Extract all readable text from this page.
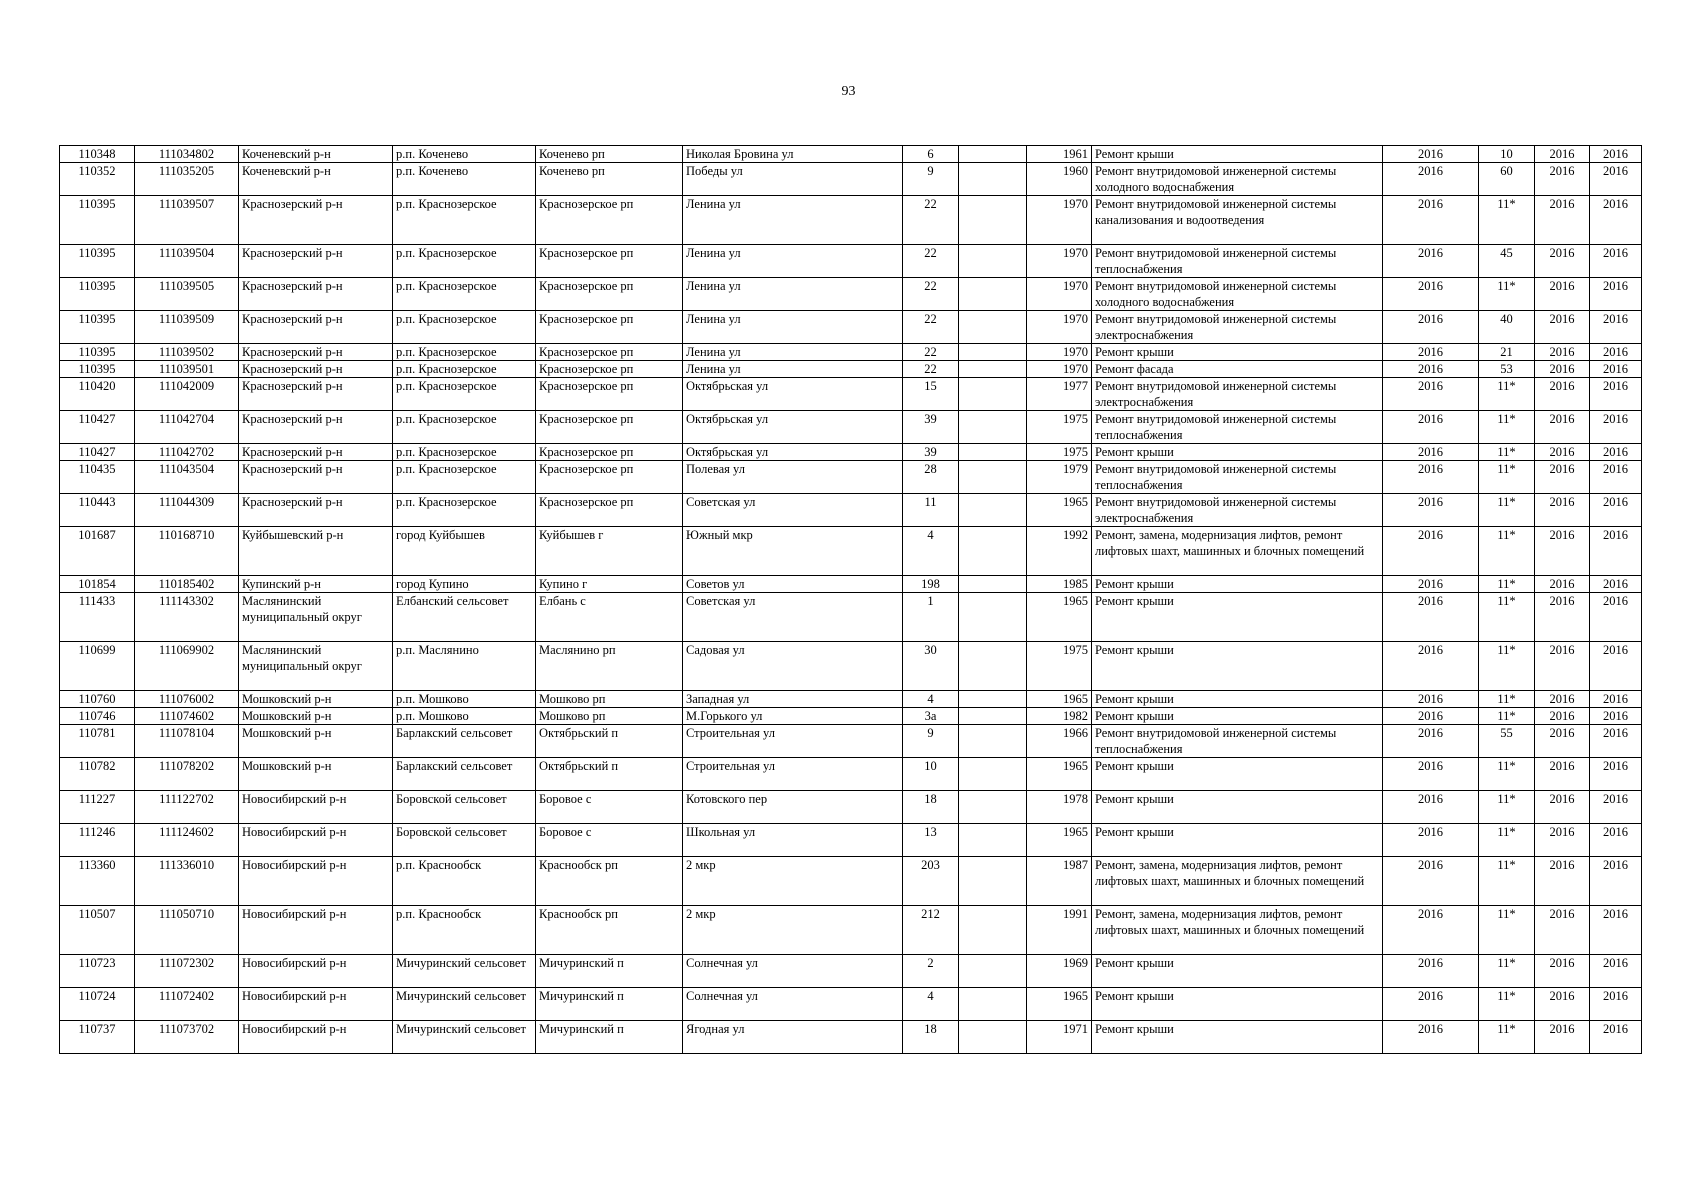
93
110348	111034802	Коченевский р-н	р.п. Коченево	Коченево рп	Николая Бровина ул	6		1961	Ремонт крыши	2016	10	2016	2016
110352	111035205	Коченевский р-н	р.п. Коченево	Коченево рп	Победы ул	9		1960	Ремонт внутридомовой инженерной системы холодного водоснабжения	2016	60	2016	2016
110395	111039507	Краснозерский р-н	р.п. Краснозерское	Краснозерское рп	Ленина ул	22		1970	Ремонт внутридомовой инженерной системы канализования и водоотведения	2016	11*	2016	2016
110395	111039504	Краснозерский р-н	р.п. Краснозерское	Краснозерское рп	Ленина ул	22		1970	Ремонт внутридомовой инженерной системы теплоснабжения	2016	45	2016	2016
110395	111039505	Краснозерский р-н	р.п. Краснозерское	Краснозерское рп	Ленина ул	22		1970	Ремонт внутридомовой инженерной системы холодного водоснабжения	2016	11*	2016	2016
110395	111039509	Краснозерский р-н	р.п. Краснозерское	Краснозерское рп	Ленина ул	22		1970	Ремонт внутридомовой инженерной системы электроснабжения	2016	40	2016	2016
110395	111039502	Краснозерский р-н	р.п. Краснозерское	Краснозерское рп	Ленина ул	22		1970	Ремонт крыши	2016	21	2016	2016
110395	111039501	Краснозерский р-н	р.п. Краснозерское	Краснозерское рп	Ленина ул	22		1970	Ремонт фасада	2016	53	2016	2016
110420	111042009	Краснозерский р-н	р.п. Краснозерское	Краснозерское рп	Октябрьская ул	15		1977	Ремонт внутридомовой инженерной системы электроснабжения	2016	11*	2016	2016
110427	111042704	Краснозерский р-н	р.п. Краснозерское	Краснозерское рп	Октябрьская ул	39		1975	Ремонт внутридомовой инженерной системы теплоснабжения	2016	11*	2016	2016
110427	111042702	Краснозерский р-н	р.п. Краснозерское	Краснозерское рп	Октябрьская ул	39		1975	Ремонт крыши	2016	11*	2016	2016
110435	111043504	Краснозерский р-н	р.п. Краснозерское	Краснозерское рп	Полевая ул	28		1979	Ремонт внутридомовой инженерной системы теплоснабжения	2016	11*	2016	2016
110443	111044309	Краснозерский р-н	р.п. Краснозерское	Краснозерское рп	Советская ул	11		1965	Ремонт внутридомовой инженерной системы электроснабжения	2016	11*	2016	2016
101687	110168710	Куйбышевский р-н	город Куйбышев	Куйбышев г	Южный мкр	4		1992	Ремонт, замена, модернизация лифтов, ремонт лифтовых шахт, машинных и блочных помещений	2016	11*	2016	2016
101854	110185402	Купинский р-н	город Купино	Купино г	Советов ул	198		1985	Ремонт крыши	2016	11*	2016	2016
111433	111143302	Маслянинский муниципальный округ	Елбанский сельсовет	Елбань с	Советская ул	1		1965	Ремонт крыши	2016	11*	2016	2016
110699	111069902	Маслянинский муниципальный округ	р.п. Маслянино	Маслянино рп	Садовая ул	30		1975	Ремонт крыши	2016	11*	2016	2016
110760	111076002	Мошковский р-н	р.п. Мошково	Мошково рп	Западная ул	4		1965	Ремонт крыши	2016	11*	2016	2016
110746	111074602	Мошковский р-н	р.п. Мошково	Мошково рп	М.Горького ул	3а		1982	Ремонт крыши	2016	11*	2016	2016
110781	111078104	Мошковский р-н	Барлакский сельсовет	Октябрьский п	Строительная ул	9		1966	Ремонт внутридомовой инженерной системы теплоснабжения	2016	55	2016	2016
110782	111078202	Мошковский р-н	Барлакский сельсовет	Октябрьский п	Строительная ул	10		1965	Ремонт крыши	2016	11*	2016	2016
111227	111122702	Новосибирский р-н	Боровской сельсовет	Боровое с	Котовского пер	18		1978	Ремонт крыши	2016	11*	2016	2016
111246	111124602	Новосибирский р-н	Боровской сельсовет	Боровое с	Школьная ул	13		1965	Ремонт крыши	2016	11*	2016	2016
113360	111336010	Новосибирский р-н	р.п. Краснообск	Краснообск рп	2 мкр	203		1987	Ремонт, замена, модернизация лифтов, ремонт лифтовых шахт, машинных и блочных помещений	2016	11*	2016	2016
110507	111050710	Новосибирский р-н	р.п. Краснообск	Краснообск рп	2 мкр	212		1991	Ремонт, замена, модернизация лифтов, ремонт лифтовых шахт, машинных и блочных помещений	2016	11*	2016	2016
110723	111072302	Новосибирский р-н	Мичуринский сельсовет	Мичуринский п	Солнечная ул	2		1969	Ремонт крыши	2016	11*	2016	2016
110724	111072402	Новосибирский р-н	Мичуринский сельсовет	Мичуринский п	Солнечная ул	4		1965	Ремонт крыши	2016	11*	2016	2016
110737	111073702	Новосибирский р-н	Мичуринский сельсовет	Мичуринский п	Ягодная ул	18		1971	Ремонт крыши	2016	11*	2016	2016
